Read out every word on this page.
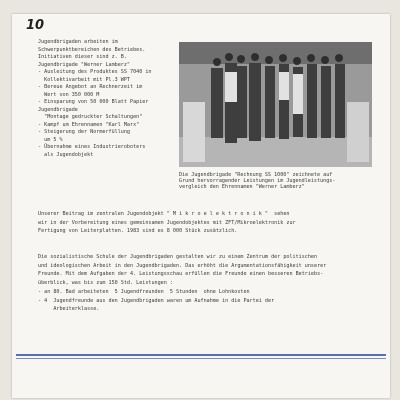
10
Jugendbrigaden arbeiten im
Schwerpunktbereichen des Betriebes.
Initiativen dieser sind z. B.
Jugendbrigade "Werner Lamberz"
- Ausleitung des Produktes SS 7040 in
Kollektivarbeit mit Pl.3 WPT
- Bereue Angebot an Rechnerzeit im
Wert von 350 000 M
- Einsparung von 50 000 Blatt Papier
Jugendbrigade
"Montage gedruckter Schaltungen"
- Kampf um Ehrennamen "Karl Marx"
- Steigerung der Normerfüllung
um 5 %
- Übernahme eines Industrieroboters
als Jugendobjekt
Die Jugendbrigade "Rechnung SS 1000" zeichnete auf
Grund hervorragender Leistungen im Jugendleistungs-
vergleich den Ehrennamen "Werner Lamberz"
Unserer Beitrag im zentralen Jugendobjekt " M i k r o e l e k t r o n i k "  sehen
wir in der Vorbereitung eines gemeinsamen Jugendobjektes mit ZFT/Mikroelektronik zur
Fertigung von Leiterplatten. 1983 sind es 8 000 Stück zusätzlich.
Die sozialistische Schule der Jugendbrigaden gestalten wir zu einem Zentrum der politischen
und ideologischen Arbeit in den Jugendbrigaden. Das erhöht die Argumentationsfähigkeit unserer
Freunde. Mit dem Aufgaben der 4. Leistungsschau erfüllen die Freunde einen besseren Betriebs-
überblick, was bis zum 150 Std. Leistungen :
- an 80. Bad arbeiteten  5 Jugendfreunden  5 Stunden  ohne Lohnkosten
- 4  Jugendfreunde aus den Jugendbrigaden waren um Aufnahme in die Partei der
Arbeiterklasse.
